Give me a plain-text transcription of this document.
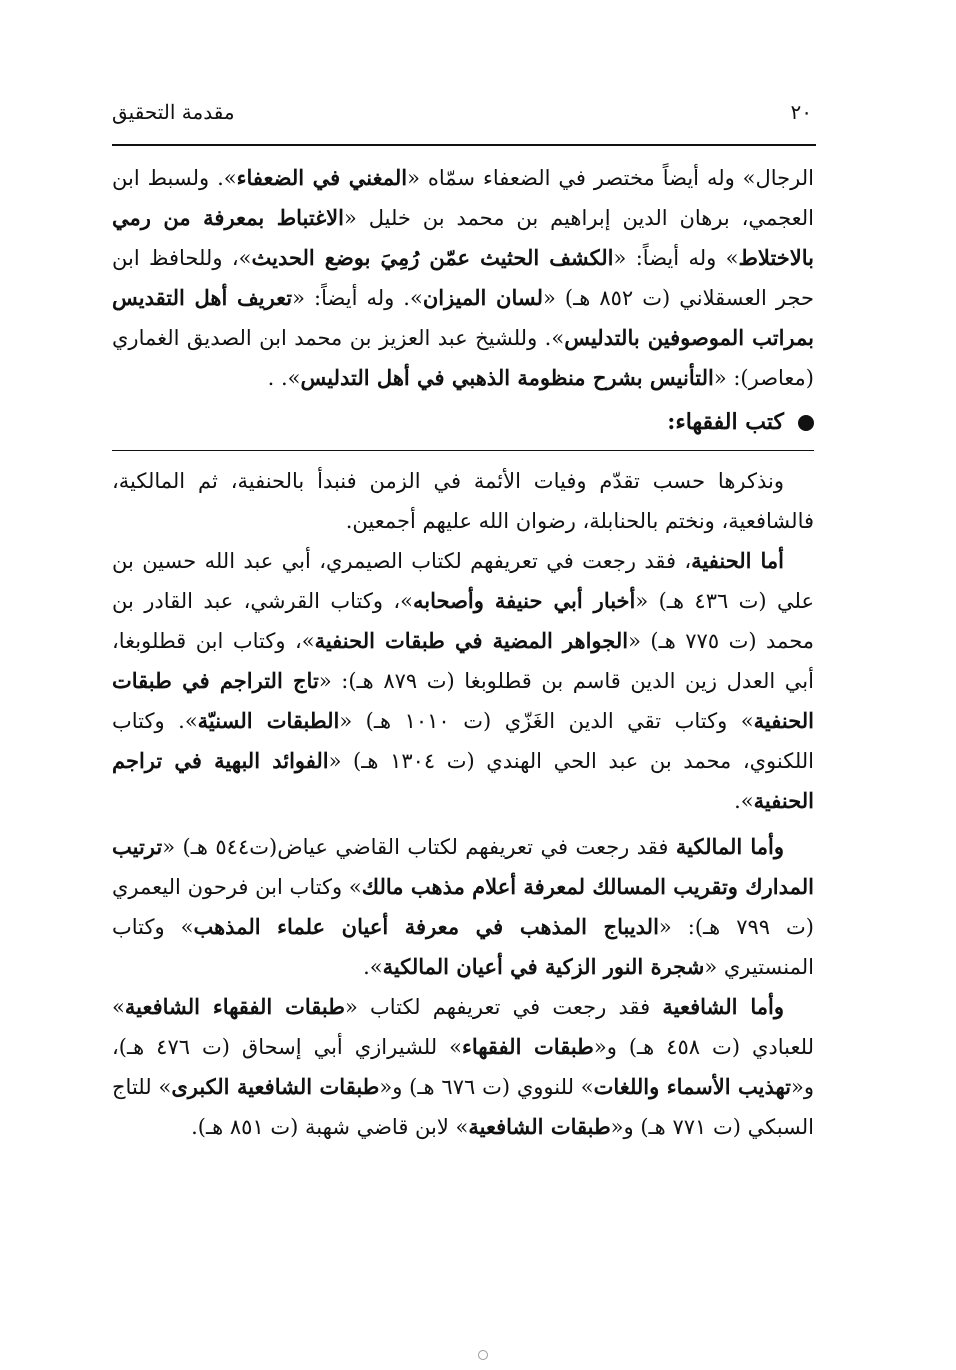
٢٠
مقدمة التحقيق

الرجال» وله أيضاً مختصر في الضعفاء سمّاه «المغني في الضعفاء». ولسبط ابن العجمي، برهان الدين إبراهيم بن محمد بن خليل «الاغتباط بمعرفة من رمي بالاختلاط» وله أيضاً: «الكشف الحثيث عمّن رُمِيَ بوضع الحديث»، وللحافظ ابن حجر العسقلاني (ت ٨٥٢ هـ) «لسان الميزان». وله أيضاً: «تعريف أهل التقديس بمراتب الموصوفين بالتدليس». وللشيخ عبد العزيز بن محمد ابن الصديق الغماري (معاصر): «التأنيس بشرح منظومة الذهبي في أهل التدليس». .

كتب الفقهاء:

ونذكرها حسب تقدّم وفيات الأئمة في الزمن فنبدأ بالحنفية، ثم المالكية، فالشافعية، ونختم بالحنابلة، رضوان الله عليهم أجمعين.

أما الحنفية، فقد رجعت في تعريفهم لكتاب الصيمري، أبي عبد الله حسين بن علي (ت ٤٣٦ هـ) «أخبار أبي حنيفة وأصحابه»، وكتاب القرشي، عبد القادر بن محمد (ت ٧٧٥ هـ) «الجواهر المضية في طبقات الحنفية»، وكتاب ابن قطلوبغا، أبي العدل زين الدين قاسم بن قطلوبغا (ت ٨٧٩ هـ): «تاج التراجم في طبقات الحنفية» وكتاب تقي الدين الغَزّي (ت ١٠١٠ هـ) «الطبقات السنيّة». وكتاب اللكنوي، محمد بن عبد الحي الهندي (ت ١٣٠٤ هـ) «الفوائد البهية في تراجم الحنفية».

وأما المالكية فقد رجعت في تعريفهم لكتاب القاضي عياض(ت٥٤٤ هـ) «ترتيب المدارك وتقريب المسالك لمعرفة أعلام مذهب مالك» وكتاب ابن فرحون اليعمري (ت ٧٩٩ هـ): «الديباج المذهب في معرفة أعيان علماء المذهب» وكتاب المنستيري «شجرة النور الزكية في أعيان المالكية».

وأما الشافعية فقد رجعت في تعريفهم لكتاب «طبقات الفقهاء الشافعية» للعبادي (ت ٤٥٨ هـ) و«طبقات الفقهاء» للشيرازي أبي إسحاق (ت ٤٧٦ هـ)، و«تهذيب الأسماء واللغات» للنووي (ت ٦٧٦ هـ) و«طبقات الشافعية الكبرى» للتاج السبكي (ت ٧٧١ هـ) و«طبقات الشافعية» لابن قاضي شهبة (ت ٨٥١ هـ).
